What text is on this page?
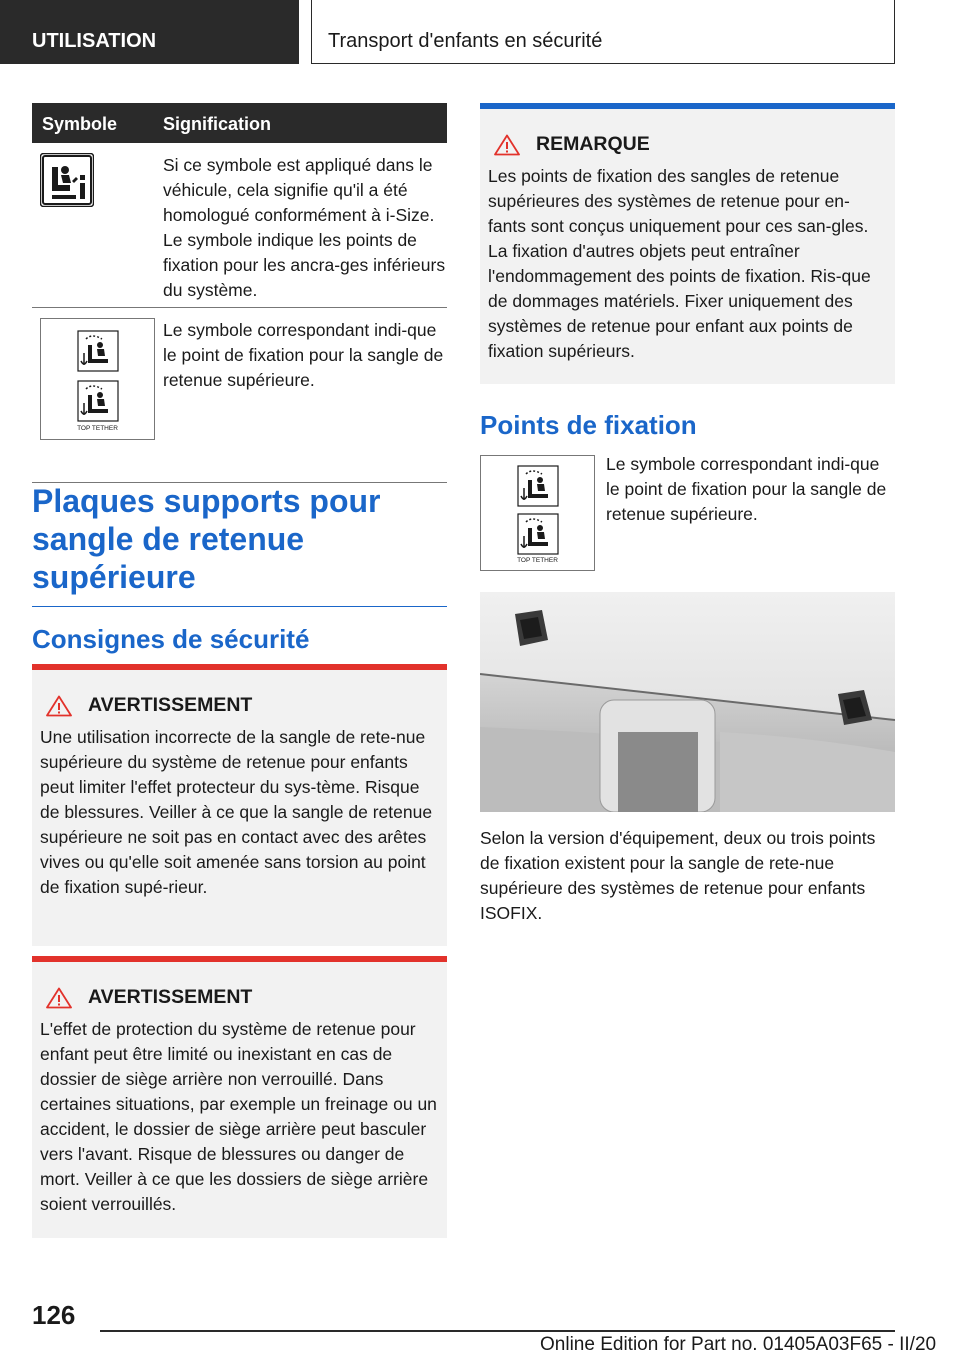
UTILISATION	Transport d'enfants en sécurité
Symbole	Signification
Si ce symbole est appliqué dans le véhicule, cela signifie qu'il a été homologué conformément à i-Size. Le symbole indique les points de fixation pour les ancra-ges inférieurs du système.
TOP TETHER
Le symbole correspondant indi-que le point de fixation pour la sangle de retenue supérieure.
Plaques supports pour sangle de retenue supérieure
Consignes de sécurité
AVERTISSEMENT
Une utilisation incorrecte de la sangle de rete-nue supérieure du système de retenue pour enfants peut limiter l'effet protecteur du sys-tème. Risque de blessures. Veiller à ce que la sangle de retenue supérieure ne soit pas en contact avec des arêtes vives ou qu'elle soit amenée sans torsion au point de fixation supé-rieur.
AVERTISSEMENT
L'effet de protection du système de retenue pour enfant peut être limité ou inexistant en cas de dossier de siège arrière non verrouillé. Dans certaines situations, par exemple un freinage ou un accident, le dossier de siège arrière peut basculer vers l'avant. Risque de blessures ou danger de mort. Veiller à ce que les dossiers de siège arrière soient verrouillés.
REMARQUE
Les points de fixation des sangles de retenue supérieures des systèmes de retenue pour en-fants sont conçus uniquement pour ces san-gles. La fixation d'autres objets peut entraîner l'endommagement des points de fixation. Ris-que de dommages matériels. Fixer uniquement des systèmes de retenue pour enfant aux points de fixation supérieurs.
Points de fixation
TOP TETHER
Le symbole correspondant indi-que le point de fixation pour la sangle de retenue supérieure.
Selon la version d'équipement, deux ou trois points de fixation existent pour la sangle de rete-nue supérieure des systèmes de retenue pour enfants ISOFIX.
126
Online Edition for Part no. 01405A03F65 - II/20
